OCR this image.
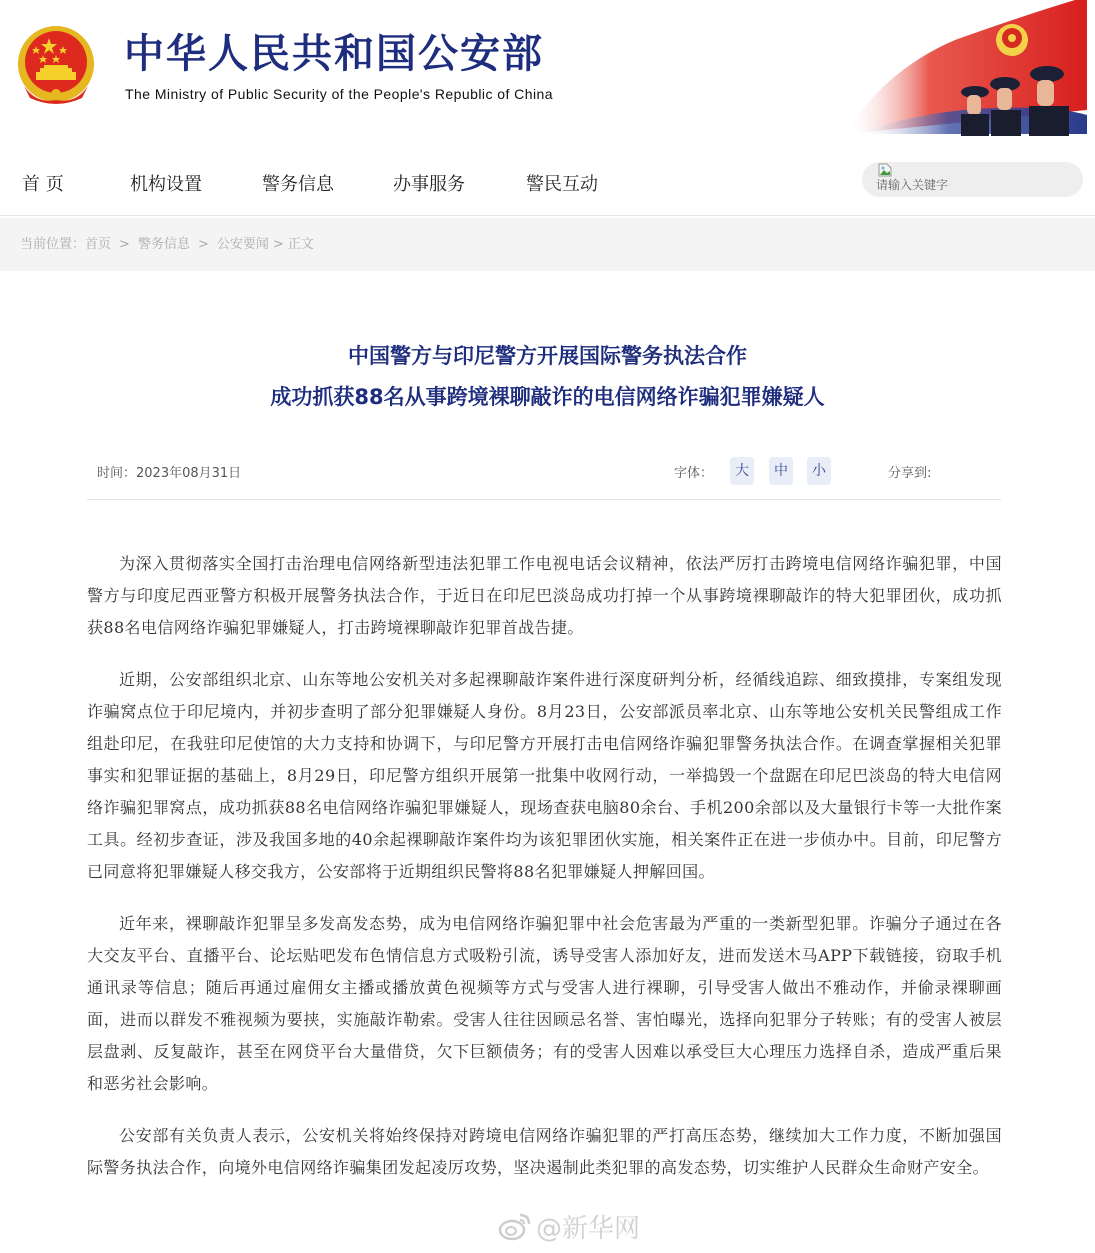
中华人民共和国公安部
The Ministry of Public Security of the People's Republic of China
首 页	机构设置	警务信息	办事服务	警民互动
请输入关键字
当前位置：首页 > 警务信息 > 公安要闻 > 正文
中国警方与印尼警方开展国际警务执法合作
成功抓获88名从事跨境裸聊敲诈的电信网络诈骗犯罪嫌疑人
时间：2023年08月31日	字体：	大	中	小	分享到:

为深入贯彻落实全国打击治理电信网络新型违法犯罪工作电视电话会议精神，依法严厉打击跨境电信网络诈骗犯罪，中国警方与印度尼西亚警方积极开展警务执法合作，于近日在印尼巴淡岛成功打掉一个从事跨境裸聊敲诈的特大犯罪团伙，成功抓获88名电信网络诈骗犯罪嫌疑人，打击跨境裸聊敲诈犯罪首战告捷。

近期，公安部组织北京、山东等地公安机关对多起裸聊敲诈案件进行深度研判分析，经循线追踪、细致摸排，专案组发现诈骗窝点位于印尼境内，并初步查明了部分犯罪嫌疑人身份。8月23日，公安部派员率北京、山东等地公安机关民警组成工作组赴印尼，在我驻印尼使馆的大力支持和协调下，与印尼警方开展打击电信网络诈骗犯罪警务执法合作。在调查掌握相关犯罪事实和犯罪证据的基础上，8月29日，印尼警方组织开展第一批集中收网行动，一举捣毁一个盘踞在印尼巴淡岛的特大电信网络诈骗犯罪窝点，成功抓获88名电信网络诈骗犯罪嫌疑人，现场查获电脑80余台、手机200余部以及大量银行卡等一大批作案工具。经初步查证，涉及我国多地的40余起裸聊敲诈案件均为该犯罪团伙实施，相关案件正在进一步侦办中。目前，印尼警方已同意将犯罪嫌疑人移交我方，公安部将于近期组织民警将88名犯罪嫌疑人押解回国。

近年来，裸聊敲诈犯罪呈多发高发态势，成为电信网络诈骗犯罪中社会危害最为严重的一类新型犯罪。诈骗分子通过在各大交友平台、直播平台、论坛贴吧发布色情信息方式吸粉引流，诱导受害人添加好友，进而发送木马APP下载链接，窃取手机通讯录等信息；随后再通过雇佣女主播或播放黄色视频等方式与受害人进行裸聊，引导受害人做出不雅动作，并偷录裸聊画面，进而以群发不雅视频为要挟，实施敲诈勒索。受害人往往因顾忌名誉、害怕曝光，选择向犯罪分子转账；有的受害人被层层盘剥、反复敲诈，甚至在网贷平台大量借贷，欠下巨额债务；有的受害人因难以承受巨大心理压力选择自杀，造成严重后果和恶劣社会影响。

公安部有关负责人表示，公安机关将始终保持对跨境电信网络诈骗犯罪的严打高压态势，继续加大工作力度，不断加强国际警务执法合作，向境外电信网络诈骗集团发起凌厉攻势，坚决遏制此类犯罪的高发态势，切实维护人民群众生命财产安全。

@新华网
